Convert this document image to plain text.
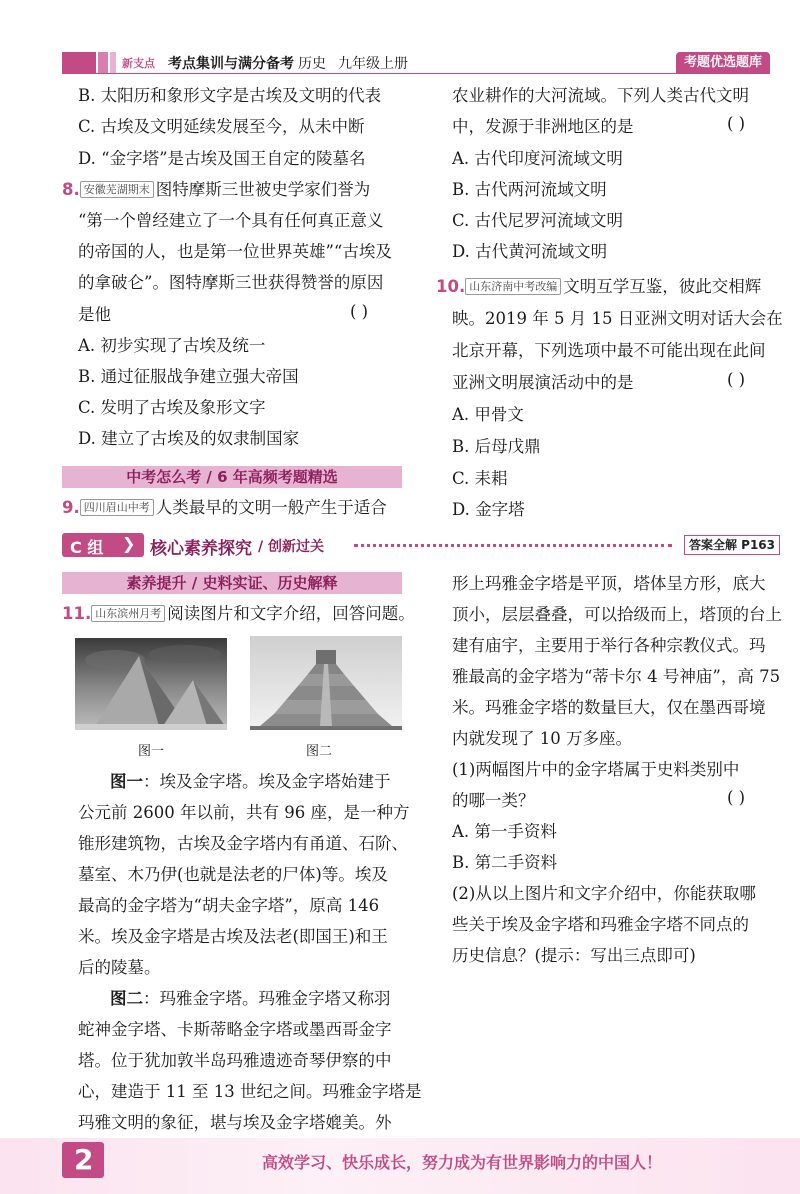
新支点 考点集训与满分备考 历史 九年级上册	考题优选题库
B. 太阳历和象形文字是古埃及文明的代表
C. 古埃及文明延续发展至今，从未中断
D. “金字塔”是古埃及国王自定的陵墓名
8. 安徽芜湖期末 图特摩斯三世被史学家们誉为
“第一个曾经建立了一个具有任何真正意义
的帝国的人，也是第一位世界英雄”“古埃及
的拿破仑”。图特摩斯三世获得赞誉的原因
是他	( )
A. 初步实现了古埃及统一
B. 通过征服战争建立强大帝国
C. 发明了古埃及象形文字
D. 建立了古埃及的奴隶制国家
中考怎么考 / 6 年高频考题精选
9. 四川眉山中考 人类最早的文明一般产生于适合
农业耕作的大河流域。下列人类古代文明
中，发源于非洲地区的是	( )
A. 古代印度河流域文明
B. 古代两河流域文明
C. 古代尼罗河流域文明
D. 古代黄河流域文明
10. 山东济南中考改编 文明互学互鉴，彼此交相辉
映。2019 年 5 月 15 日亚洲文明对话大会在
北京开幕，下列选项中最不可能出现在此间
亚洲文明展演活动中的是	( )
A. 甲骨文
B. 后母戊鼎
C. 耒耜
D. 金字塔
C 组 ❯ 核心素养探究 / 创新过关	答案全解 P163
素养提升 / 史料实证、历史解释
11. 山东滨州月考 阅读图片和文字介绍，回答问题。
图一	图二
图一：埃及金字塔。埃及金字塔始建于
公元前 2600 年以前，共有 96 座，是一种方
锥形建筑物，古埃及金字塔内有甬道、石阶、
墓室、木乃伊(也就是法老的尸体)等。埃及
最高的金字塔为“胡夫金字塔”，原高 146
米。埃及金字塔是古埃及法老(即国王)和王
后的陵墓。
图二：玛雅金字塔。玛雅金字塔又称羽
蛇神金字塔、卡斯蒂略金字塔或墨西哥金字
塔。位于犹加敦半岛玛雅遗迹奇琴伊察的中
心，建造于 11 至 13 世纪之间。玛雅金字塔是
玛雅文明的象征，堪与埃及金字塔媲美。外
形上玛雅金字塔是平顶，塔体呈方形，底大
顶小，层层叠叠，可以拾级而上，塔顶的台上
建有庙宇，主要用于举行各种宗教仪式。玛
雅最高的金字塔为“蒂卡尔 4 号神庙”，高 75
米。玛雅金字塔的数量巨大，仅在墨西哥境
内就发现了 10 万多座。
(1)两幅图片中的金字塔属于史料类别中
的哪一类？	( )
A. 第一手资料
B. 第二手资料
(2)从以上图片和文字介绍中，你能获取哪
些关于埃及金字塔和玛雅金字塔不同点的
历史信息？(提示：写出三点即可)
2	高效学习、快乐成长，努力成为有世界影响力的中国人！
